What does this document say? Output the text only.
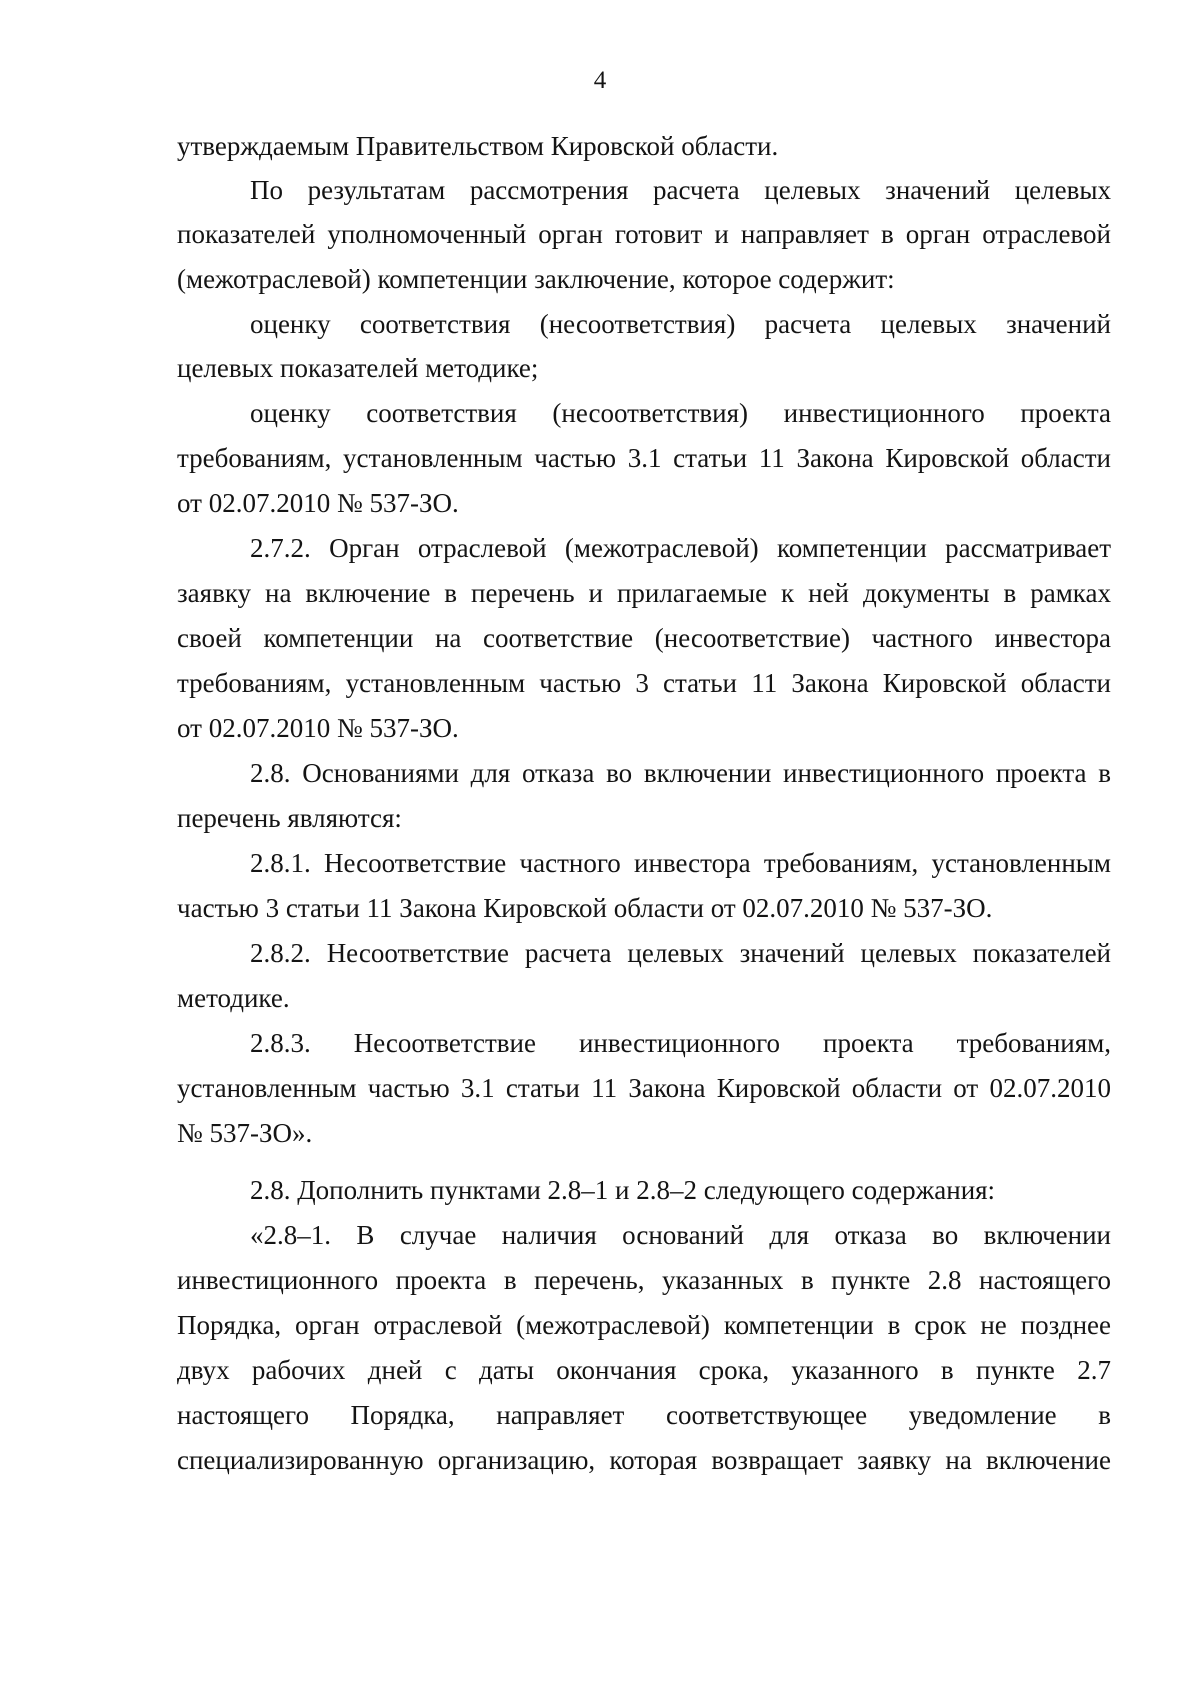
4
утверждаемым Правительством Кировской области.
По результатам рассмотрения расчета целевых значений целевых
показателей уполномоченный орган готовит и направляет в орган отраслевой
(межотраслевой) компетенции заключение, которое содержит:
оценку соответствия (несоответствия) расчета целевых значений
целевых показателей методике;
оценку соответствия (несоответствия) инвестиционного проекта
требованиям, установленным частью 3.1 статьи 11 Закона Кировской области
от 02.07.2010 № 537-ЗО.
2.7.2. Орган отраслевой (межотраслевой) компетенции рассматривает
заявку на включение в перечень и прилагаемые к ней документы в рамках
своей компетенции на соответствие (несоответствие) частного инвестора
требованиям, установленным частью 3 статьи 11 Закона Кировской области
от 02.07.2010 № 537-ЗО.
2.8. Основаниями для отказа во включении инвестиционного проекта в
перечень являются:
2.8.1. Несоответствие частного инвестора требованиям, установленным
частью 3 статьи 11 Закона Кировской области от 02.07.2010 № 537-ЗО.
2.8.2. Несоответствие расчета целевых значений целевых показателей
методике.
2.8.3. Несоответствие инвестиционного проекта требованиям,
установленным частью 3.1 статьи 11 Закона Кировской области от 02.07.2010
№ 537-ЗО».
2.8. Дополнить пунктами 2.8–1 и 2.8–2 следующего содержания:
«2.8–1. В случае наличия оснований для отказа во включении
инвестиционного проекта в перечень, указанных в пункте 2.8 настоящего
Порядка, орган отраслевой (межотраслевой) компетенции в срок не позднее
двух рабочих дней с даты окончания срока, указанного в пункте 2.7
настоящего Порядка, направляет соответствующее уведомление в
специализированную организацию, которая возвращает заявку на включение
